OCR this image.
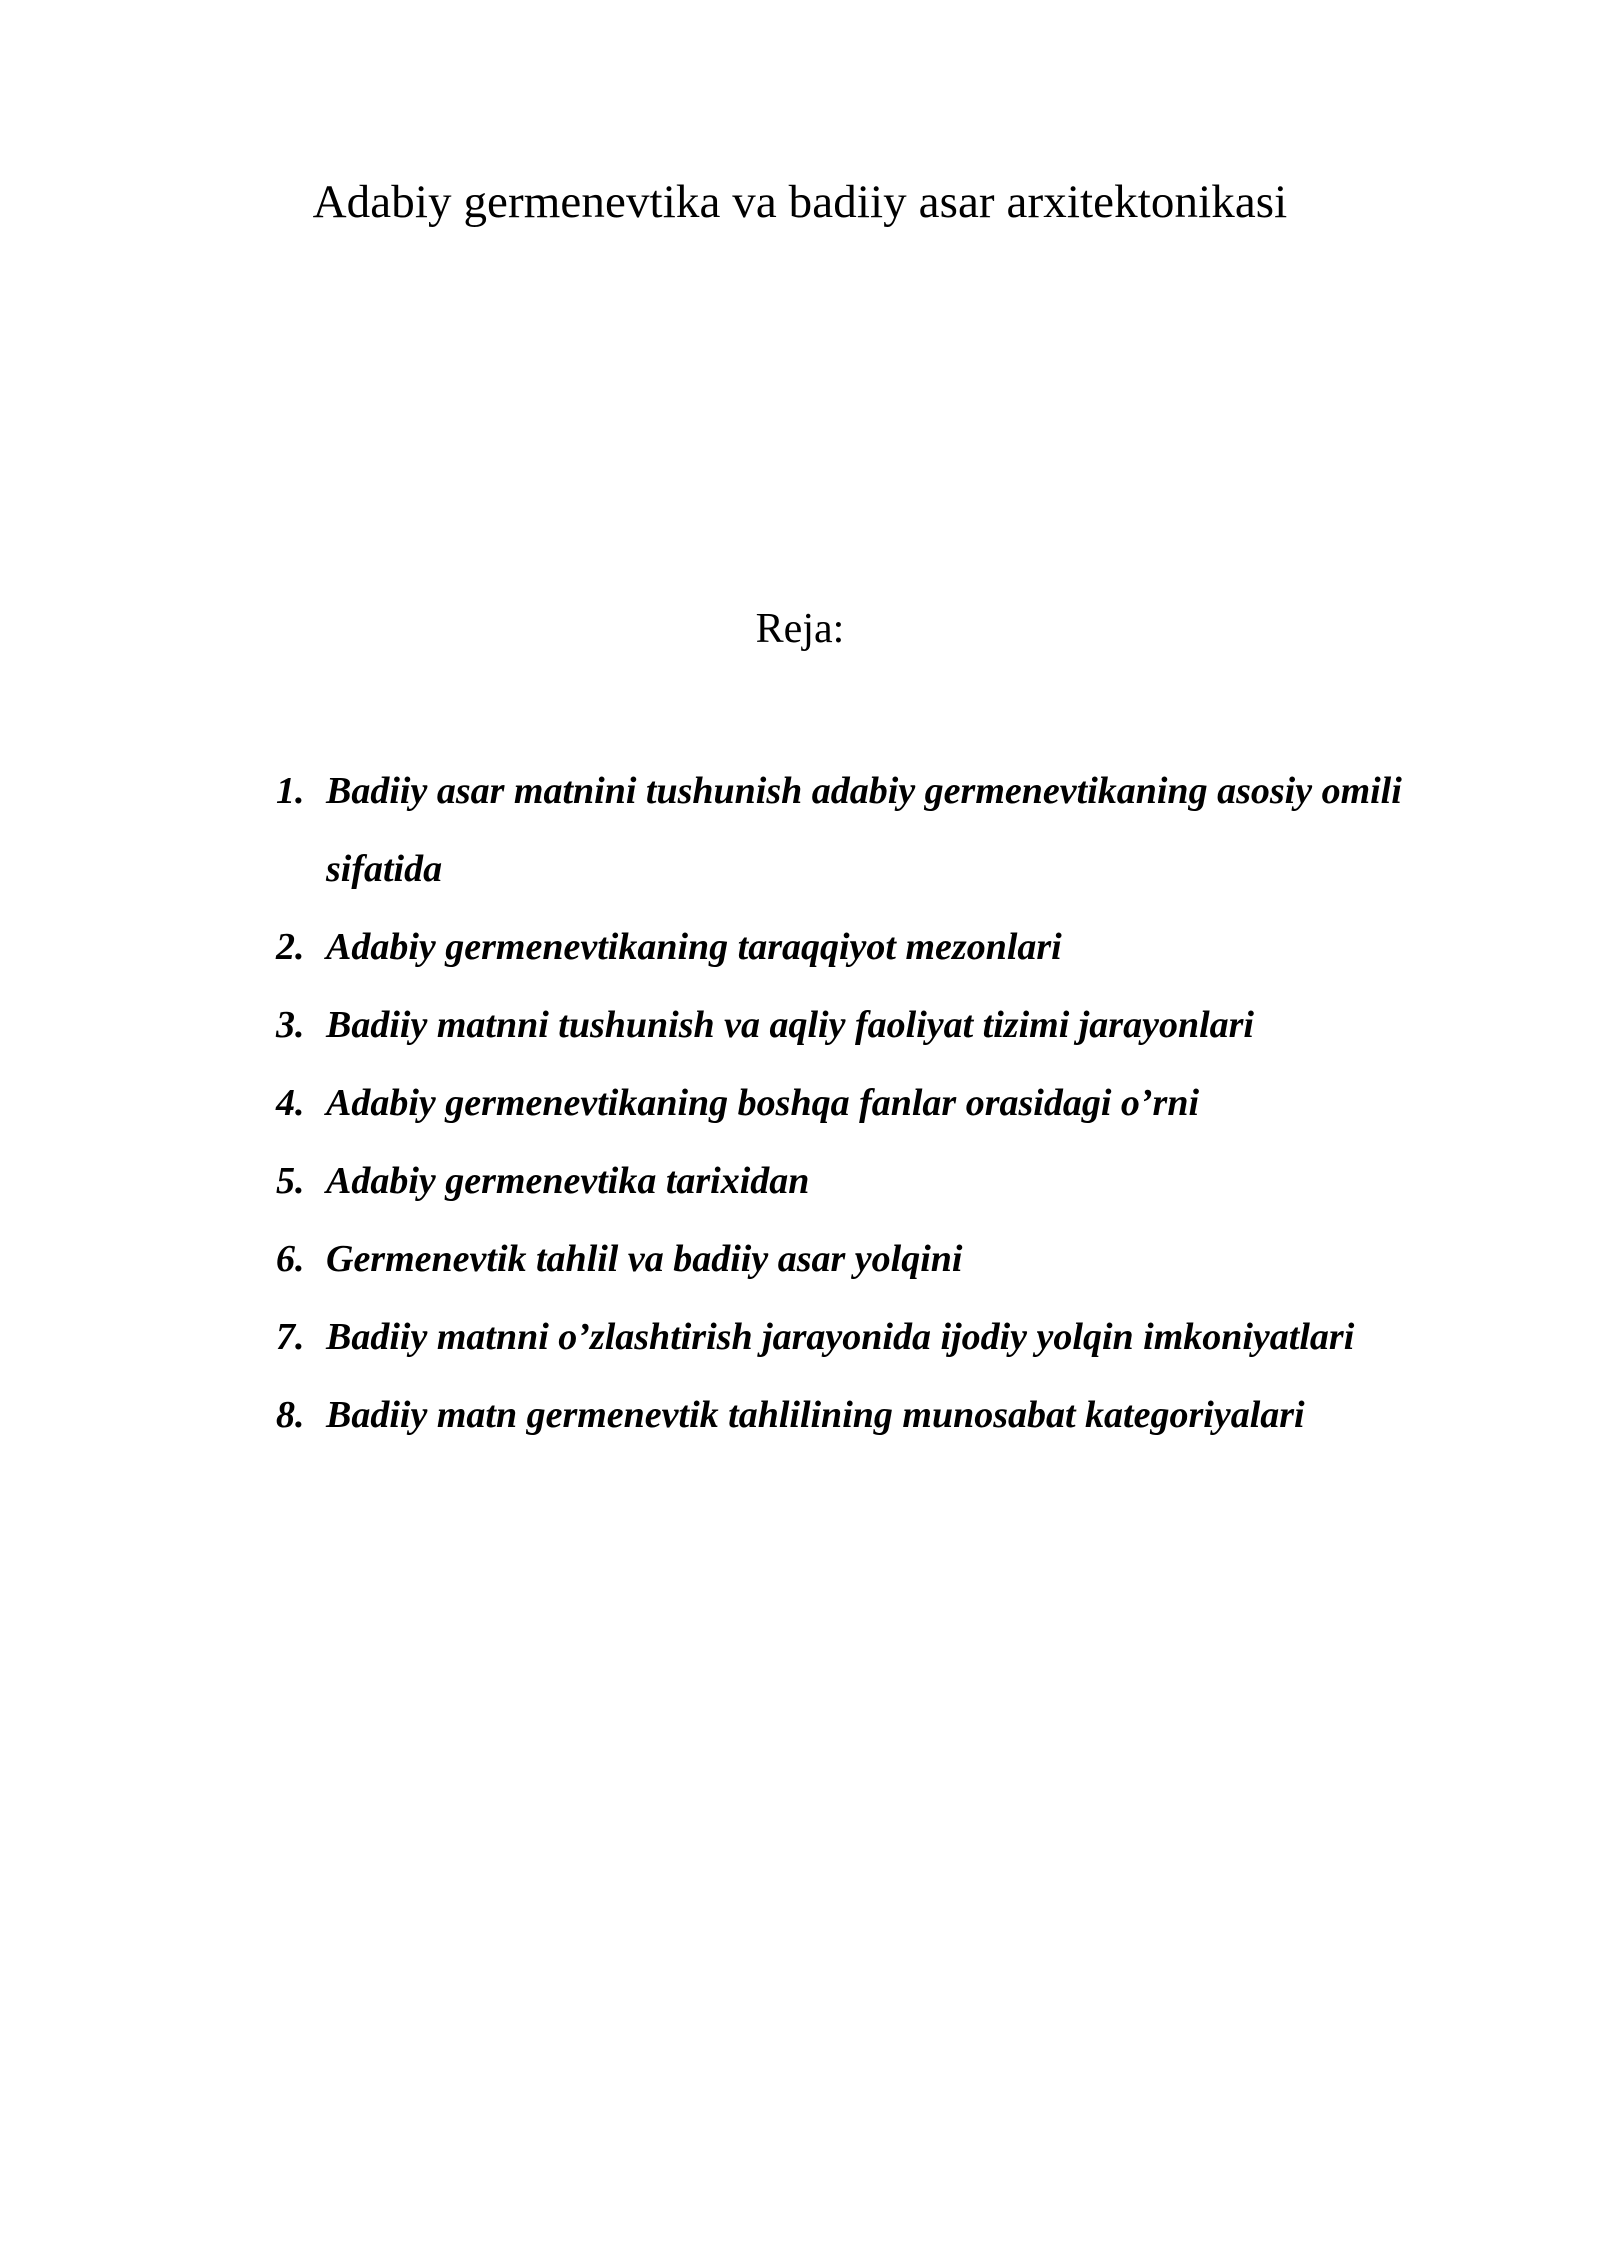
Adabiy germenevtika va badiiy asar arxitektonikasi
Reja:
1. Badiiy asar matnini tushunish adabiy germenevtikaning asosiy omili sifatida
2. Adabiy germenevtikaning taraqqiyot mezonlari
3. Badiiy matnni tushunish va aqliy faoliyat tizimi jarayonlari
4. Adabiy germenevtikaning boshqa fanlar orasidagi o’rni
5. Adabiy germenevtika tarixidan
6. Germenevtik tahlil va badiiy asar yolqini
7. Badiiy matnni o’zlashtirish jarayonida ijodiy yolqin imkoniyatlari
8. Badiiy matn germenevtik tahlilining munosabat kategoriyalari
